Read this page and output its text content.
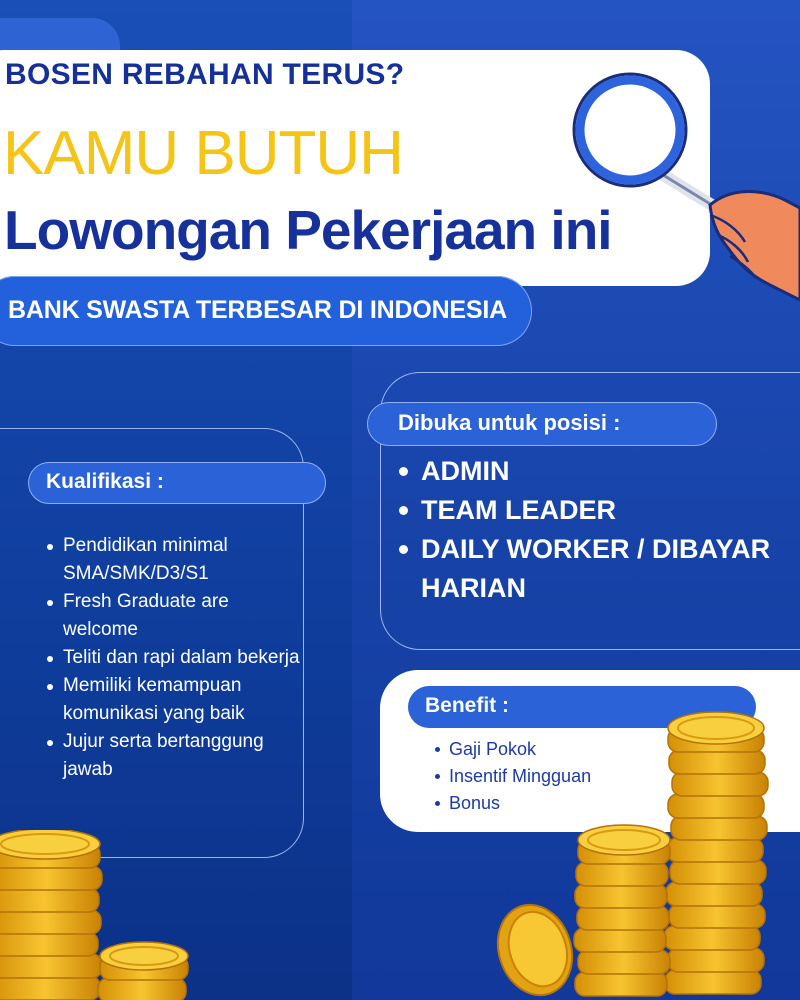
BOSEN REBAHAN TERUS?
KAMU BUTUH
Lowongan Pekerjaan ini
BANK SWASTA TERBESAR DI INDONESIA
Dibuka untuk posisi :
ADMIN
TEAM LEADER
DAILY WORKER / DIBAYAR HARIAN
Kualifikasi :
Pendidikan minimal SMA/SMK/D3/S1
Fresh Graduate are welcome
Teliti dan rapi dalam bekerja
Memiliki kemampuan komunikasi yang baik
Jujur serta bertanggung jawab
Benefit :
Gaji Pokok
Insentif Mingguan
Bonus
